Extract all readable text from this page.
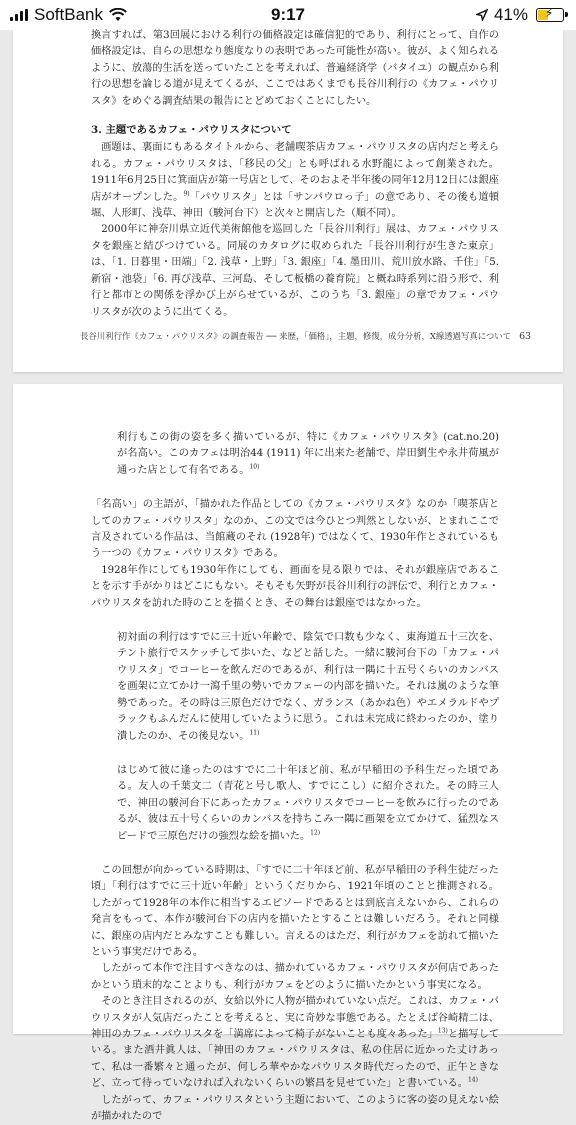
SoftBank	9:17	41% ⚡

換言すれば、第3回展における利行の価格設定は確信犯的であり、利行にとって、自作の価格設定は、自らの思想なり態度なりの表明であった可能性が高い。彼が、よく知られるように、放蕩的生活を送っていたことを考えれば、普遍経済学（バタイユ）の観点から利行の思想を論じる道が見えてくるが、ここではあくまでも長谷川利行の《カフェ・パウリスタ》をめぐる調査結果の報告にとどめておくことにしたい。

3. 主題であるカフェ・パウリスタについて

画題は、裏面にもあるタイトルから、老舗喫茶店カフェ・パウリスタの店内だと考えられる。カフェ・パウリスタは、「移民の父」とも呼ばれる水野龍によって創業された。1911年6月25日に箕面店が第一号店として、そのおよそ半年後の同年12月12日には銀座店がオープンした。$^{9)}$「パウリスタ」とは「サンパウロっ子」の意であり、その後も道頓堀、人形町、浅草、神田（駿河台下）と次々と開店した（順不同）。

2000年に神奈川県立近代美術館他を巡回した「長谷川利行」展は、カフェ・パウリスタを銀座と結びつけている。同展のカタログに収められた「長谷川利行が生きた東京」は、「1. 日暮里・田端」「2. 浅草・上野」「3. 銀座」「4. 墨田川、荒川放水路、千住」「5. 新宿・池袋」「6. 再び浅草、三河島、そして板橋の養育院」と概ね時系列に沿う形で、利行と都市との関係を浮かび上がらせているが、このうち「3. 銀座」の章でカフェ・パウリスタが次のように出てくる。

長谷川利行作《カフェ・パウリスタ》の調査報告 ── 来歴，「価格」，主題，修復，成分分析，X線透過写真について 63

利行もこの街の姿を多く描いているが、特に《カフェ・パウリスタ》(cat.no.20) が名高い。このカフェは明治44 (1911) 年に出来た老舗で、岸田劉生や永井荷風が通った店として有名である。$^{10)}$

「名高い」の主語が、「描かれた作品としての《カフェ・パウリスタ》なのか「喫茶店としてのカフェ・パウリスタ」なのか、この文では今ひとつ判然としないが、とまれここで言及されている作品は、当館蔵のそれ (1928年) ではなくて、1930年作とされているもう一つの《カフェ・パウリスタ》である。

1928年作にしても1930年作にしても、画面を見る限りでは、それが銀座店であることを示す手がかりはどこにもない。そもそも矢野が長谷川利行の評伝で、利行とカフェ・パウリスタを訪れた時のことを描くとき、その舞台は銀座ではなかった。

初対面の利行はすでに三十近い年齢で、陰気で口数も少なく、東海道五十三次を、テント旅行でスケッチして歩いた、などと話した。一緒に駿河台下の「カフェ・パウリスタ」でコーヒーを飲んだのであるが、利行は一隅に十五号くらいのカンバスを画架に立てかけ一瀉千里の勢いでカフェーの内部を描いた。それは嵐のような筆勢であった。その時は三原色だけでなく、ガランス（あかね色）やエメラルドやプラックもふんだんに使用していたように思う。これは未完成に終わったのか、塗り潰したのか、その後見ない。$^{11)}$

はじめて彼に逢ったのはすでに二十年ほど前、私が早稲田の予科生だった頃である。友人の千葉文二（青花と号し歌人、すでにこし）に紹介された。その時三人で、神田の駿河台下にあったカフェ・パウリスタでコーヒーを飲みに行ったのであるが、彼は五十号くらいのカンバスを持ちこみ一隅に画架を立てかけて、猛烈なスピードで三原色だけの強烈な絵を描いた。$^{12)}$

この回想が向かっている時期は、「すでに二十年ほど前、私が早稲田の予科生徒だった頃」「利行はすでに三十近い年齢」というくだりから、1921年頃のことと推測される。したがって1928年の本作に相当するエピソードであるとは到底言えないから、これらの発言をもって、本作が駿河台下の店内を描いたとすることは難しいだろう。それと同様に、銀座の店内だとみなすことも難しい。言えるのはただ、利行がカフェを訪れて描いたという事実だけである。

したがって本作で注目すべきなのは、描かれているカフェ・パウリスタが何店であったかという瑣末的なことよりも、利行がカフェをどのように描いたかという事実になる。

そのとき注目されるのが、女給以外に人物が描かれていない点だ。これは、カフェ・パウリスタが人気店だったことを考えると、実に奇妙な事態である。たとえば谷崎精二は、神田のカフェ・パウリスタを「満席によって椅子がないことも度々あった」$^{13)}$と描写している。また酒井眞人は、「神田のカフェ・パウリスタは、私の住居に近かった丈けあって、私は一番繁々と通ったが、何しろ華やかなパウリスタ時代だったので、正午ときなど、立って待っていなければ入れないくらいの繁昌を見せていた」と書いている。$^{14)}$

したがって、カフェ・パウリスタという主題において、このように客の姿の見えない絵が描かれたので
